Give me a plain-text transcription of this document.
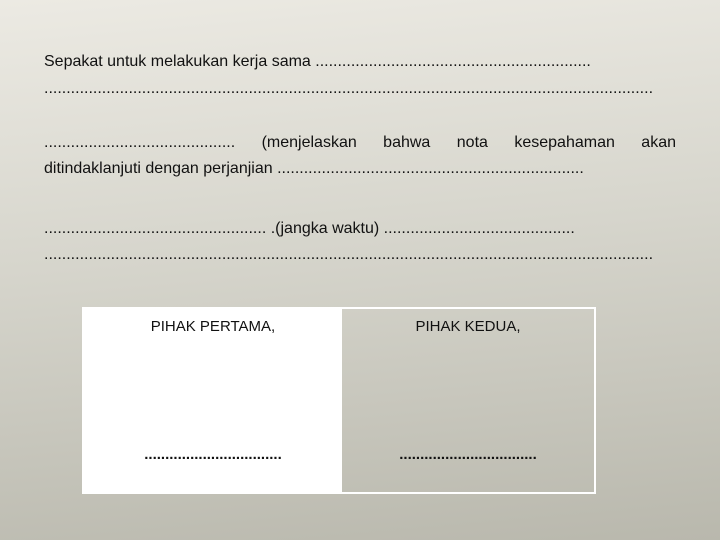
Sepakat untuk melakukan kerja sama ..............................................................
.........................................................................................................................................
........................................... (menjelaskan bahwa nota kesepahaman akan
ditindaklanjuti dengan perjanjian .....................................................................
.................................................. .(jangka waktu) ...........................................
.........................................................................................................................................
PIHAK PERTAMA,
.................................
PIHAK KEDUA,
.................................
